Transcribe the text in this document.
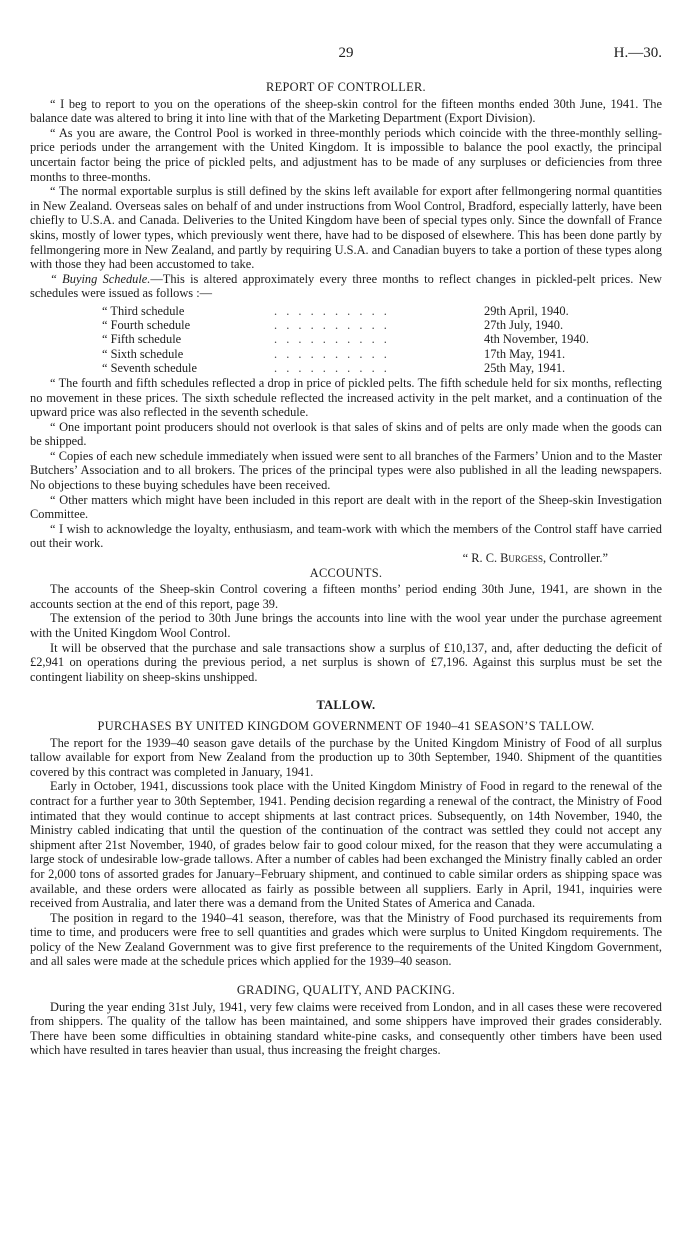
29	H.—30.
REPORT OF CONTROLLER.

“ I beg to report to you on the operations of the sheep-skin control for the fifteen months ended 30th June, 1941. The balance date was altered to bring it into line with that of the Marketing Department (Export Division).

“ As you are aware, the Control Pool is worked in three-monthly periods which coincide with the three-monthly selling-price periods under the arrangement with the United Kingdom. It is impossible to balance the pool exactly, the principal uncertain factor being the price of pickled pelts, and adjustment has to be made of any surpluses or deficiencies from three months to three-months.

“ The normal exportable surplus is still defined by the skins left available for export after fellmongering normal quantities in New Zealand. Overseas sales on behalf of and under instructions from Wool Control, Bradford, especially latterly, have been chiefly to U.S.A. and Canada. Deliveries to the United Kingdom have been of special types only. Since the downfall of France skins, mostly of lower types, which previously went there, have had to be disposed of elsewhere. This has been done partly by fellmongering more in New Zealand, and partly by requiring U.S.A. and Canadian buyers to take a portion of these types along with those they had been accustomed to take.

“ Buying Schedule.—This is altered approximately every three months to reflect changes in pickled-pelt prices. New schedules were issued as follows :—

“ Third schedule	. . . . . . . . . .	29th April, 1940.
“ Fourth schedule	. . . . . . . . . .	27th July, 1940.
“ Fifth schedule	. . . . . . . . . .	4th November, 1940.
“ Sixth schedule	. . . . . . . . . .	17th May, 1941.
“ Seventh schedule	. . . . . . . . . .	25th May, 1941.

“ The fourth and fifth schedules reflected a drop in price of pickled pelts. The fifth schedule held for six months, reflecting no movement in these prices. The sixth schedule reflected the increased activity in the pelt market, and a continuation of the upward price was also reflected in the seventh schedule.

“ One important point producers should not overlook is that sales of skins and of pelts are only made when the goods can be shipped.

“ Copies of each new schedule immediately when issued were sent to all branches of the Farmers’ Union and to the Master Butchers’ Association and to all brokers. The prices of the principal types were also published in all the leading newspapers. No objections to these buying schedules have been received.

“ Other matters which might have been included in this report are dealt with in the report of the Sheep-skin Investigation Committee.

“ I wish to acknowledge the loyalty, enthusiasm, and team-work with which the members of the Control staff have carried out their work.

“ R. C. Burgess, Controller.”
ACCOUNTS.

The accounts of the Sheep-skin Control covering a fifteen months’ period ending 30th June, 1941, are shown in the accounts section at the end of this report, page 39.

The extension of the period to 30th June brings the accounts into line with the wool year under the purchase agreement with the United Kingdom Wool Control.

It will be observed that the purchase and sale transactions show a surplus of £10,137, and, after deducting the deficit of £2,941 on operations during the previous period, a net surplus is shown of £7,196. Against this surplus must be set the contingent liability on sheep-skins unshipped.

TALLOW.
PURCHASES BY UNITED KINGDOM GOVERNMENT OF 1940–41 SEASON’S TALLOW.

The report for the 1939–40 season gave details of the purchase by the United Kingdom Ministry of Food of all surplus tallow available for export from New Zealand from the production up to 30th September, 1940. Shipment of the quantities covered by this contract was completed in January, 1941.

Early in October, 1941, discussions took place with the United Kingdom Ministry of Food in regard to the renewal of the contract for a further year to 30th September, 1941. Pending decision regarding a renewal of the contract, the Ministry of Food intimated that they would continue to accept shipments at last contract prices. Subsequently, on 14th November, 1940, the Ministry cabled indicating that until the question of the continuation of the contract was settled they could not accept any shipment after 21st November, 1940, of grades below fair to good colour mixed, for the reason that they were accumulating a large stock of undesirable low-grade tallows. After a number of cables had been exchanged the Ministry finally cabled an order for 2,000 tons of assorted grades for January–February shipment, and continued to cable similar orders as shipping space was available, and these orders were allocated as fairly as possible between all suppliers. Early in April, 1941, inquiries were received from Australia, and later there was a demand from the United States of America and Canada.

The position in regard to the 1940–41 season, therefore, was that the Ministry of Food purchased its requirements from time to time, and producers were free to sell quantities and grades which were surplus to United Kingdom requirements. The policy of the New Zealand Government was to give first preference to the requirements of the United Kingdom Government, and all sales were made at the schedule prices which applied for the 1939–40 season.

GRADING, QUALITY, AND PACKING.

During the year ending 31st July, 1941, very few claims were received from London, and in all cases these were recovered from shippers. The quality of the tallow has been maintained, and some shippers have improved their grades considerably. There have been some difficulties in obtaining standard white-pine casks, and consequently other timbers have been used which have resulted in tares heavier than usual, thus increasing the freight charges.
